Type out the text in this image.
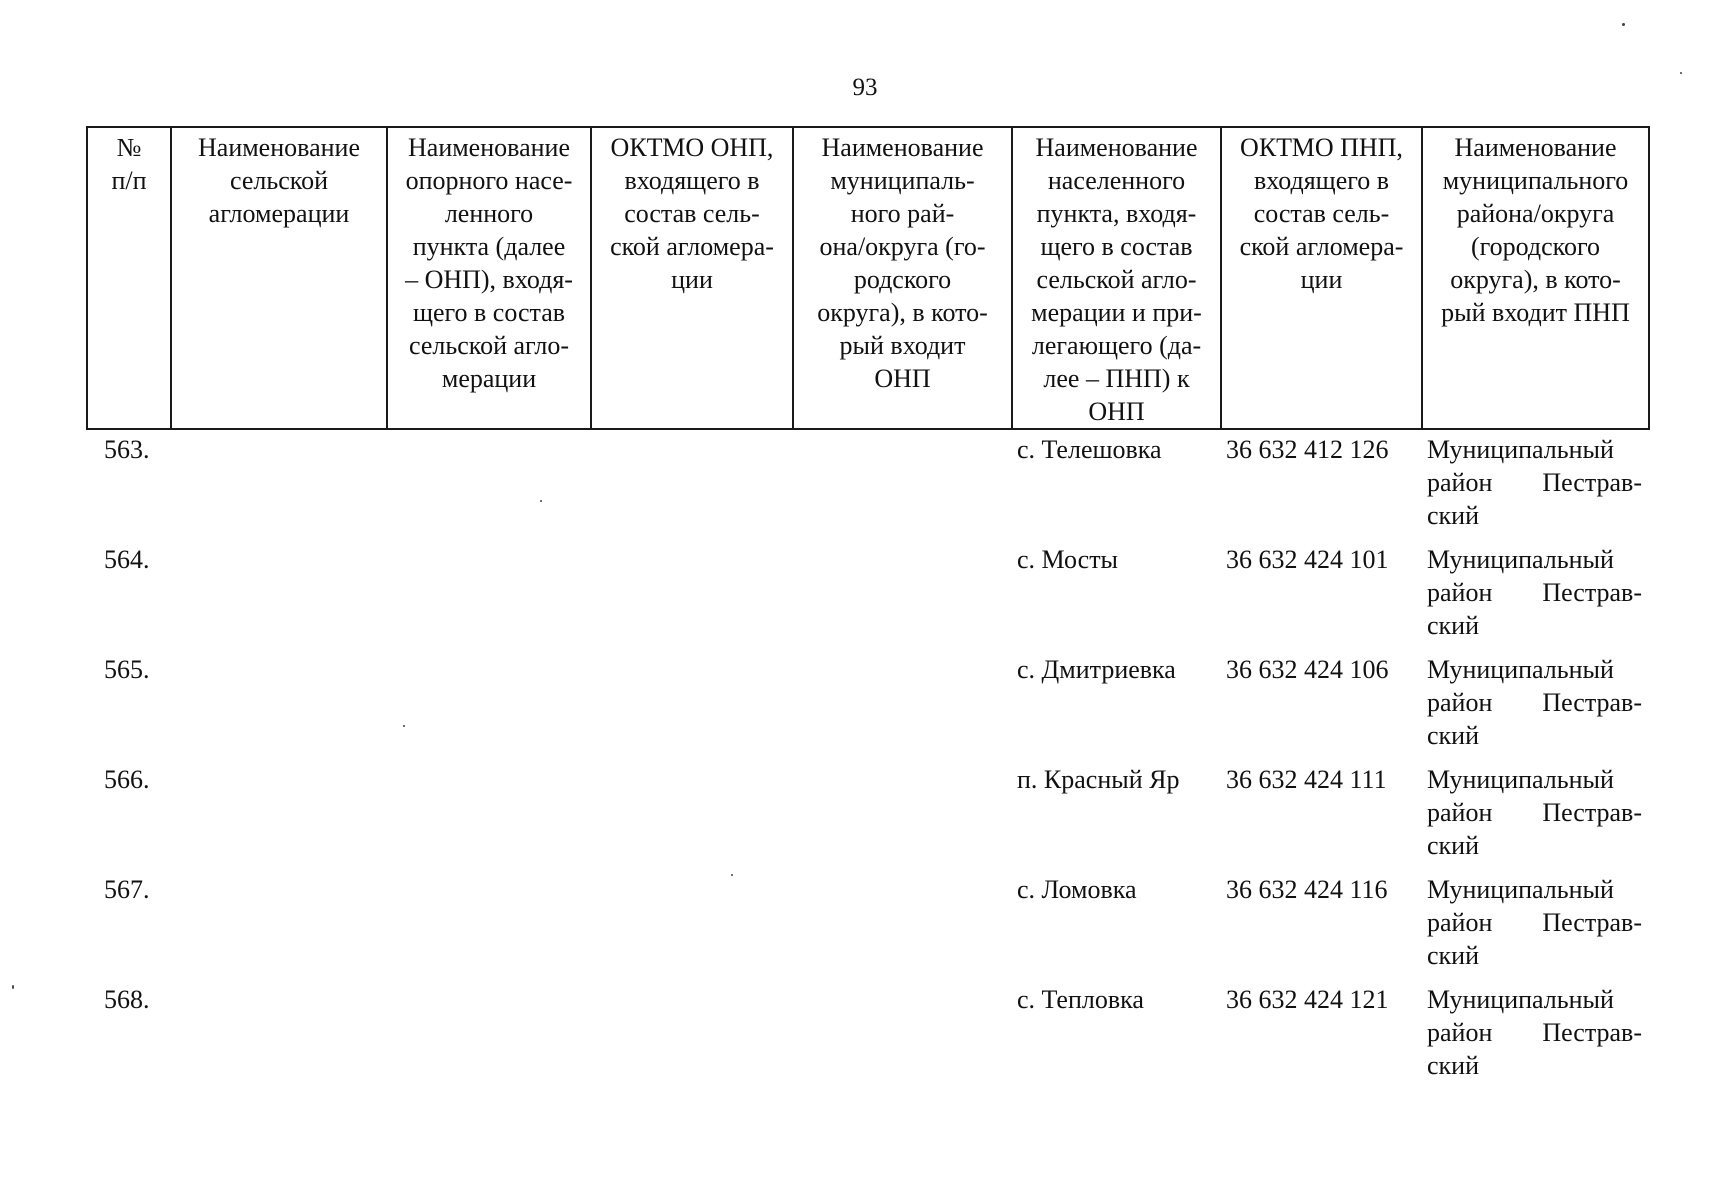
93
№
п/п	Наименование
сельской
агломерации	Наименование
опорного насе-
ленного
пункта (далее
– ОНП), входя-
щего в состав
сельской агло-
мерации	ОКТМО ОНП,
входящего в
состав сель-
ской агломера-
ции	Наименование
муниципаль-
ного рай-
она/округа (го-
родского
округа), в кото-
рый входит
ОНП	Наименование
населенного
пункта, входя-
щего в состав
сельской агло-
мерации и при-
легающего (да-
лее – ПНП) к
ОНП	ОКТМО ПНП,
входящего в
состав сель-
ской агломера-
ции	Наименование
муниципального
района/округа
(городского
округа), в кото-
рый входит ПНП
563.					с. Телешовка	36 632 412 126	Муниципальный
район Пестрав-
ский

564.					с. Мосты	36 632 424 101	Муниципальный
район Пестрав-
ский

565.					с. Дмитриевка	36 632 424 106	Муниципальный
район Пестрав-
ский

566.					п. Красный Яр	36 632 424 111	Муниципальный
район Пестрав-
ский

567.					с. Ломовка	36 632 424 116	Муниципальный
район Пестрав-
ский

568.					с. Тепловка	36 632 424 121	Муниципальный
район Пестрав-
ский
